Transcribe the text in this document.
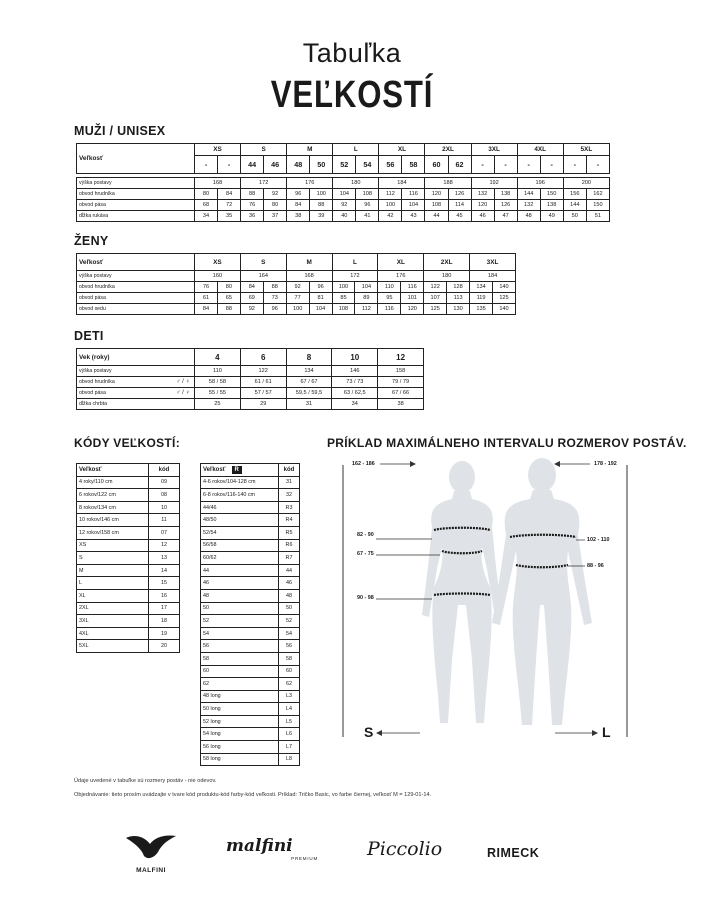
Tabuľka
VEĽKOSTÍ
MUŽI / UNISEX
Veľkosť	XS		S		M		L		XL		2XL		3XL		4XL		5XL	
	-	-	44	46	48	50	52	54	56	58	60	62	-	-	-	-	-	-

výška postavy	168		172		176		180		184		188		192		196		200	
obvod hrudníka	80	84	88	92	96	100	104	108	112	116	120	126	132	138	144	150	156	162
obvod pása	68	72	76	80	84	88	92	96	100	104	108	114	120	126	132	138	144	150
dĺžka rukáva	34	35	36	37	38	39	40	41	42	43	44	45	46	47	48	49	50	51
ŽENY
Veľkosť	XS		S		M		L		XL		2XL		3XL	
výška postavy	160		164		168		172		176		180		184	
obvod hrudníka	76	80	84	88	92	96	100	104	110	116	122	128	134	140
obvod pása	61	65	69	73	77	81	85	89	95	101	107	113	119	125
obvod sedu	84	88	92	96	100	104	108	112	116	120	125	130	135	140
DETI
Vek (roky)	4	6	8	10	12
výška postavy	110	122	134	146	158
obvod hrudníka ♂ / ♀	58 / 58	61 / 61	67 / 67	73 / 73	79 / 79
obvod pása ♂ / ♀	55 / 55	57 / 57	59,5 / 59,5	63 / 62,5	67 / 66
dĺžka chrbta	25	29	31	34	38
KÓDY VEĽKOSTÍ:
Veľkosť	kód
4 roky/110 cm	09
6 rokov/122 cm	08
8 rokov/134 cm	10
10 rokov/146 cm	11
12 rokov/158 cm	07
XS	12
S	13
M	14
L	15
XL	16
2XL	17
3XL	18
4XL	19
5XL	20
Veľkosť R	kód
4-6 rokov/104-128 cm	31
6-8 rokov/116-140 cm	32
44/46	R3
48/50	R4
52/54	R5
56/58	R6
60/62	R7
44	44
46	46
48	48
50	50
52	52
54	54
56	56
58	58
60	60
62	62
48 long	L3
50 long	L4
52 long	L5
54 long	L6
56 long	L7
58 long	L8
PRÍKLAD MAXIMÁLNEHO INTERVALU ROZMEROV POSTÁV.
162 - 186	178 - 192
82 - 90
67 - 75
90 - 98
102 - 110
88 - 96
S	L
Údaje uvedené v tabuľke sú rozmery postáv - nie odevov.
Objednávanie: tieto prosím uvádzajte v tvare kód produktu-kód farby-kód veľkosti. Príklad: Tričko Basic, vo farbe čiernej, veľkosť M = 129-01-14.
MALFINI
malfini
PREMIUM	Piccolio	RIMECK
